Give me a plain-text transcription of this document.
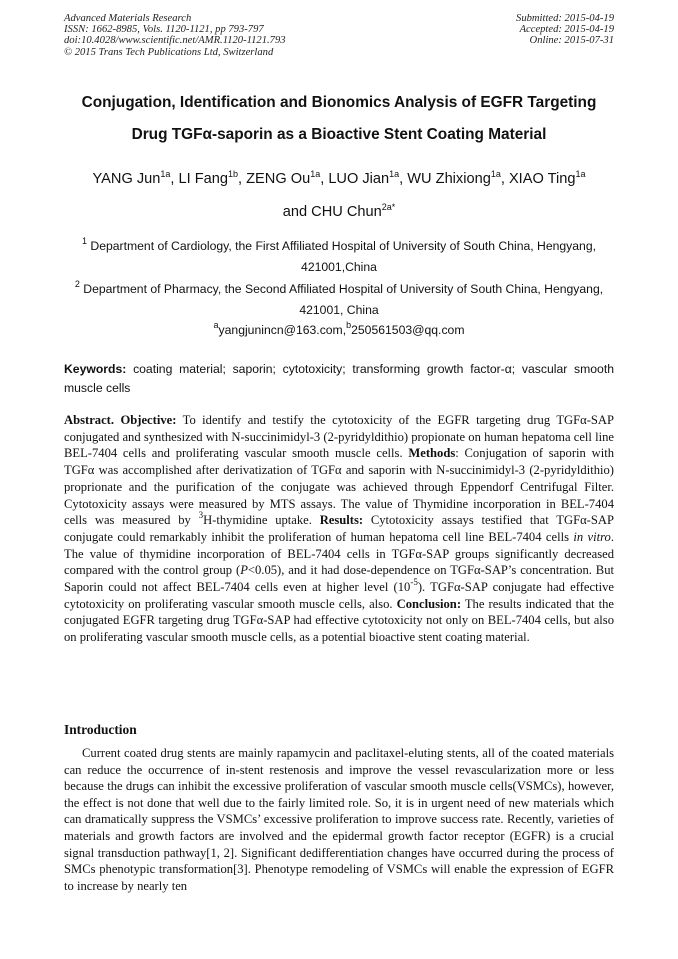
Advanced Materials Research
ISSN: 1662-8985, Vols. 1120-1121, pp 793-797
doi:10.4028/www.scientific.net/AMR.1120-1121.793
© 2015 Trans Tech Publications Ltd, Switzerland
Submitted: 2015-04-19
Accepted: 2015-04-19
Online: 2015-07-31
Conjugation, Identification and Bionomics Analysis of EGFR Targeting
Drug TGFα-saporin as a Bioactive Stent Coating Material
YANG Jun$^{1a}$, LI Fang$^{1b}$, ZENG $Ou^{1a}$, LUO Jian$^{1a}$, WU Zhixiong$^{1a}$, XIAO Ting$^{1a}$
and CHU Chun$^{2a*}$
$^1$ Department of Cardiology, the First Affiliated Hospital of University of South China, Hengyang, 421001,China
$^2$ Department of Pharmacy, the Second Affiliated Hospital of University of South China, Hengyang, 421001, China
$^a$yangjunincn@163.com,$^b$250561503@qq.com
Keywords: coating material; saporin; cytotoxicity; transforming growth factor-α; vascular smooth muscle cells
Abstract. Objective: To identify and testify the cytotoxicity of the EGFR targeting drug TGFα-SAP conjugated and synthesized with N-succinimidyl-3 (2-pyridyldithio) propionate on human hepatoma cell line BEL-7404 cells and proliferating vascular smooth muscle cells. Methods: Conjugation of saporin with TGFα was accomplished after derivatization of TGFα and saporin with N-succinimidyl-3 (2-pyridyldithio) proprionate and the purification of the conjugate was achieved through Eppendorf Centrifugal Filter. Cytotoxicity assays were measured by MTS assays. The value of Thymidine incorporation in BEL-7404 cells was measured by $^3$H-thymidine uptake. Results: Cytotoxicity assays testified that TGFα-SAP conjugate could remarkably inhibit the proliferation of human hepatoma cell line BEL-7404 cells in vitro. The value of thymidine incorporation of BEL-7404 cells in TGFα-SAP groups significantly decreased compared with the control group (P<0.05), and it had dose-dependence on TGFα-SAP’s concentration. But Saporin could not affect BEL-7404 cells even at higher level $(10^{-5})$. TGFα-SAP conjugate had effective cytotoxicity on proliferating vascular smooth muscle cells, also. Conclusion: The results indicated that the conjugated EGFR targeting drug TGFα-SAP had effective cytotoxicity not only on BEL-7404 cells, but also on proliferating vascular smooth muscle cells, as a potential bioactive stent coating material.
Introduction
Current coated drug stents are mainly rapamycin and paclitaxel-eluting stents, all of the coated materials can reduce the occurrence of in-stent restenosis and improve the vessel revascularization more or less because the drugs can inhibit the excessive proliferation of vascular smooth muscle cells(VSMCs), however, the effect is not done that well due to the fairly limited role. So, it is in urgent need of new materials which can dramatically suppress the VSMCs’ excessive proliferation to improve success rate. Recently, varieties of materials and growth factors are involved and the epidermal growth factor receptor (EGFR) is a crucial signal transduction pathway[1, 2]. Significant dedifferentiation changes have occurred during the process of SMCs phenotypic transformation[3]. Phenotype remodeling of VSMCs will enable the expression of EGFR to increase by nearly ten
